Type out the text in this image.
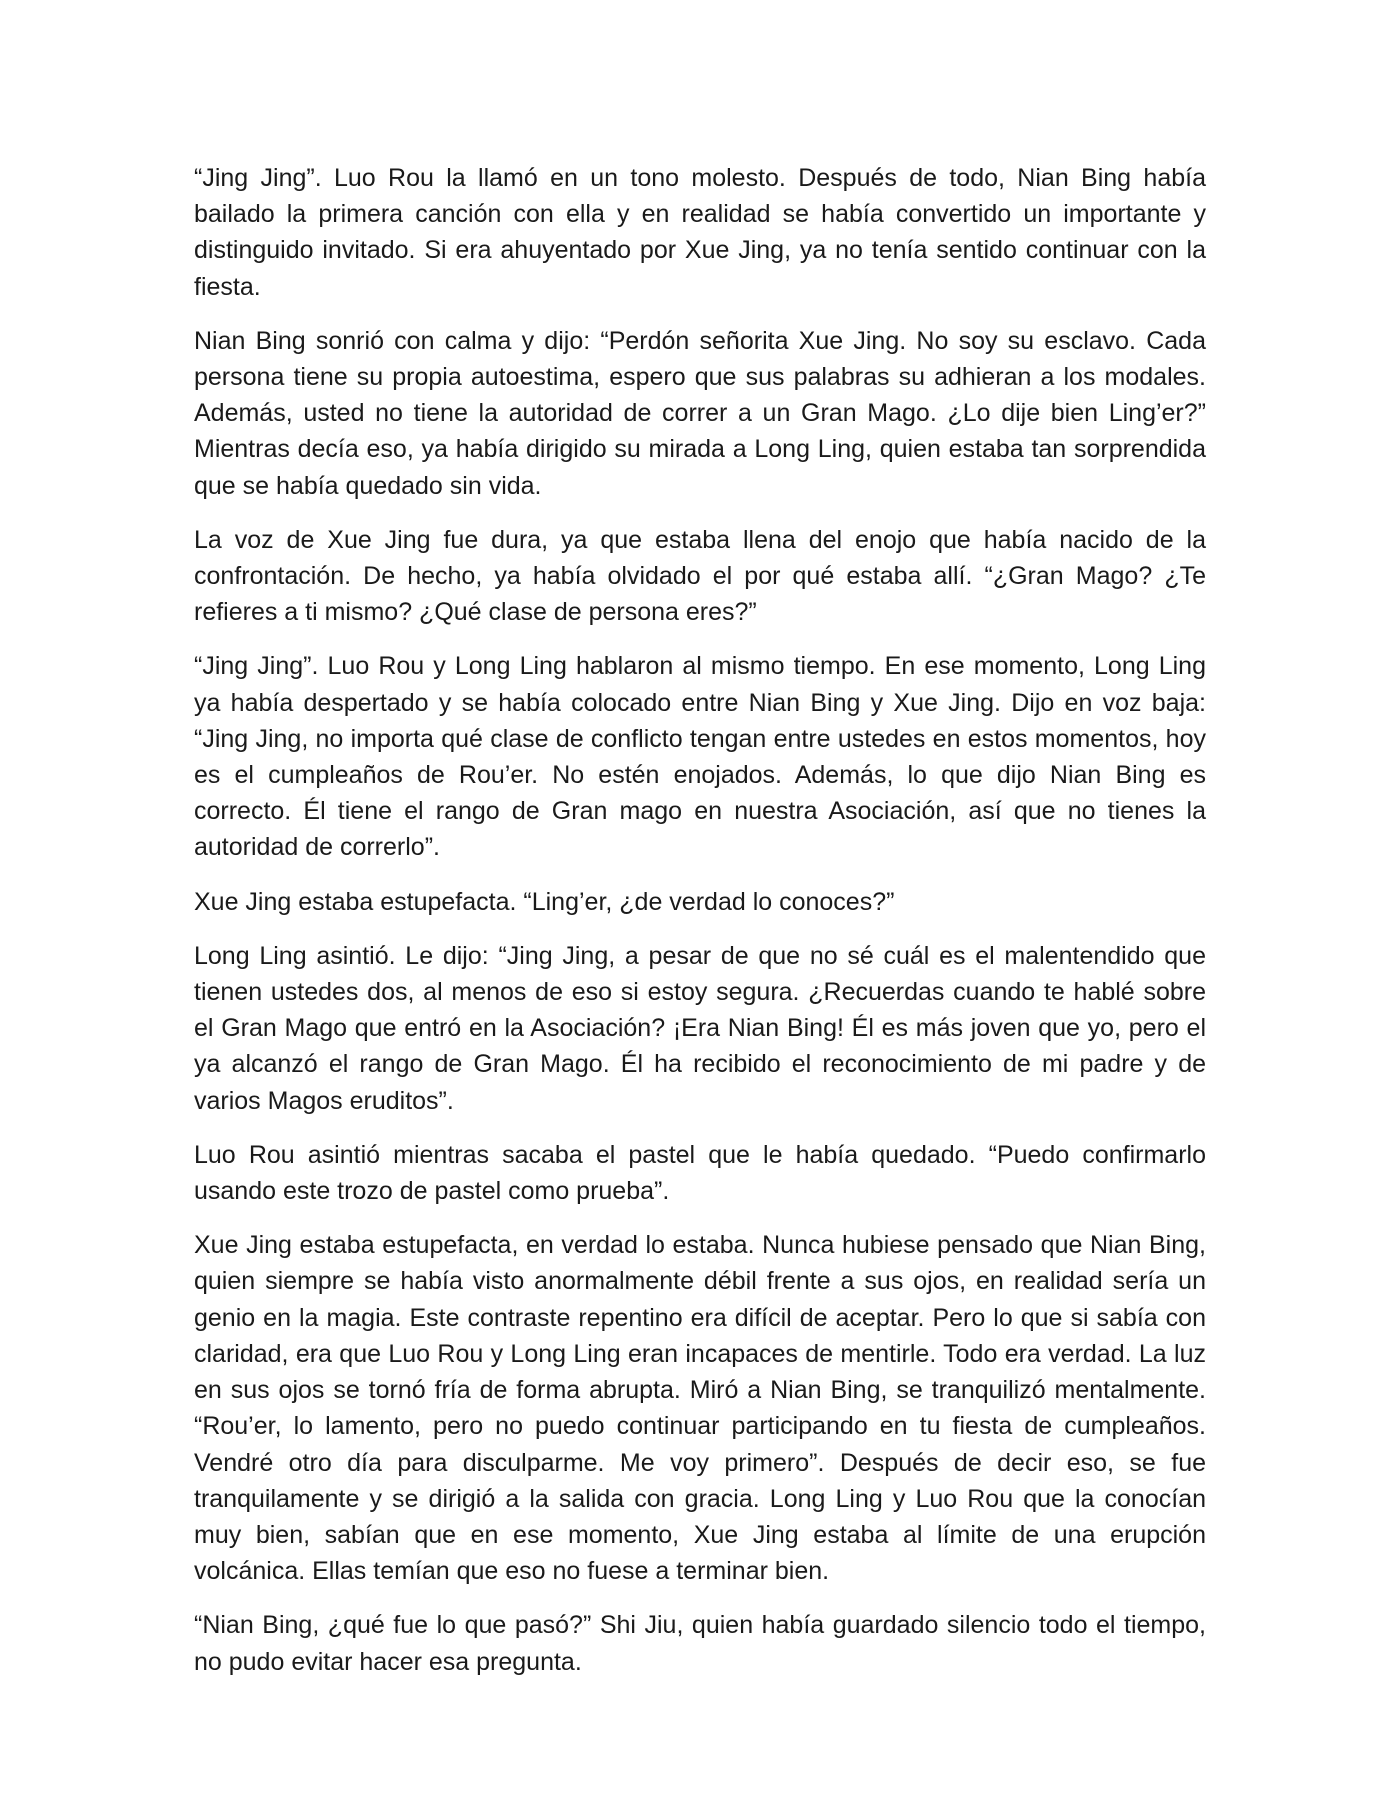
“Jing Jing”. Luo Rou la llamó en un tono molesto. Después de todo, Nian Bing había bailado la primera canción con ella y en realidad se había convertido un importante y distinguido invitado. Si era ahuyentado por Xue Jing, ya no tenía sentido continuar con la fiesta.

Nian Bing sonrió con calma y dijo: “Perdón señorita Xue Jing. No soy su esclavo. Cada persona tiene su propia autoestima, espero que sus palabras su adhieran a los modales. Además, usted no tiene la autoridad de correr a un Gran Mago. ¿Lo dije bien Ling’er?” Mientras decía eso, ya había dirigido su mirada a Long Ling, quien estaba tan sorprendida que se había quedado sin vida.

La voz de Xue Jing fue dura, ya que estaba llena del enojo que había nacido de la confrontación. De hecho, ya había olvidado el por qué estaba allí. “¿Gran Mago? ¿Te refieres a ti mismo? ¿Qué clase de persona eres?”

“Jing Jing”. Luo Rou y Long Ling hablaron al mismo tiempo. En ese momento, Long Ling ya había despertado y se había colocado entre Nian Bing y Xue Jing. Dijo en voz baja: “Jing Jing, no importa qué clase de conflicto tengan entre ustedes en estos momentos, hoy es el cumpleaños de Rou’er. No estén enojados. Además, lo que dijo Nian Bing es correcto. Él tiene el rango de Gran mago en nuestra Asociación, así que no tienes la autoridad de correrlo”.

Xue Jing estaba estupefacta. “Ling’er, ¿de verdad lo conoces?”

Long Ling asintió. Le dijo: “Jing Jing, a pesar de que no sé cuál es el malentendido que tienen ustedes dos, al menos de eso si estoy segura. ¿Recuerdas cuando te hablé sobre el Gran Mago que entró en la Asociación? ¡Era Nian Bing! Él es más joven que yo, pero el ya alcanzó el rango de Gran Mago. Él ha recibido el reconocimiento de mi padre y de varios Magos eruditos”.

Luo Rou asintió mientras sacaba el pastel que le había quedado. “Puedo confirmarlo usando este trozo de pastel como prueba”.

Xue Jing estaba estupefacta, en verdad lo estaba. Nunca hubiese pensado que Nian Bing, quien siempre se había visto anormalmente débil frente a sus ojos, en realidad sería un genio en la magia. Este contraste repentino era difícil de aceptar. Pero lo que si sabía con claridad, era que Luo Rou y Long Ling eran incapaces de mentirle. Todo era verdad. La luz en sus ojos se tornó fría de forma abrupta. Miró a Nian Bing, se tranquilizó mentalmente. “Rou’er, lo lamento, pero no puedo continuar participando en tu fiesta de cumpleaños. Vendré otro día para disculparme. Me voy primero”. Después de decir eso, se fue tranquilamente y se dirigió a la salida con gracia. Long Ling y Luo Rou que la conocían muy bien, sabían que en ese momento, Xue Jing estaba al límite de una erupción volcánica. Ellas temían que eso no fuese a terminar bien.

“Nian Bing, ¿qué fue lo que pasó?” Shi Jiu, quien había guardado silencio todo el tiempo, no pudo evitar hacer esa pregunta.
